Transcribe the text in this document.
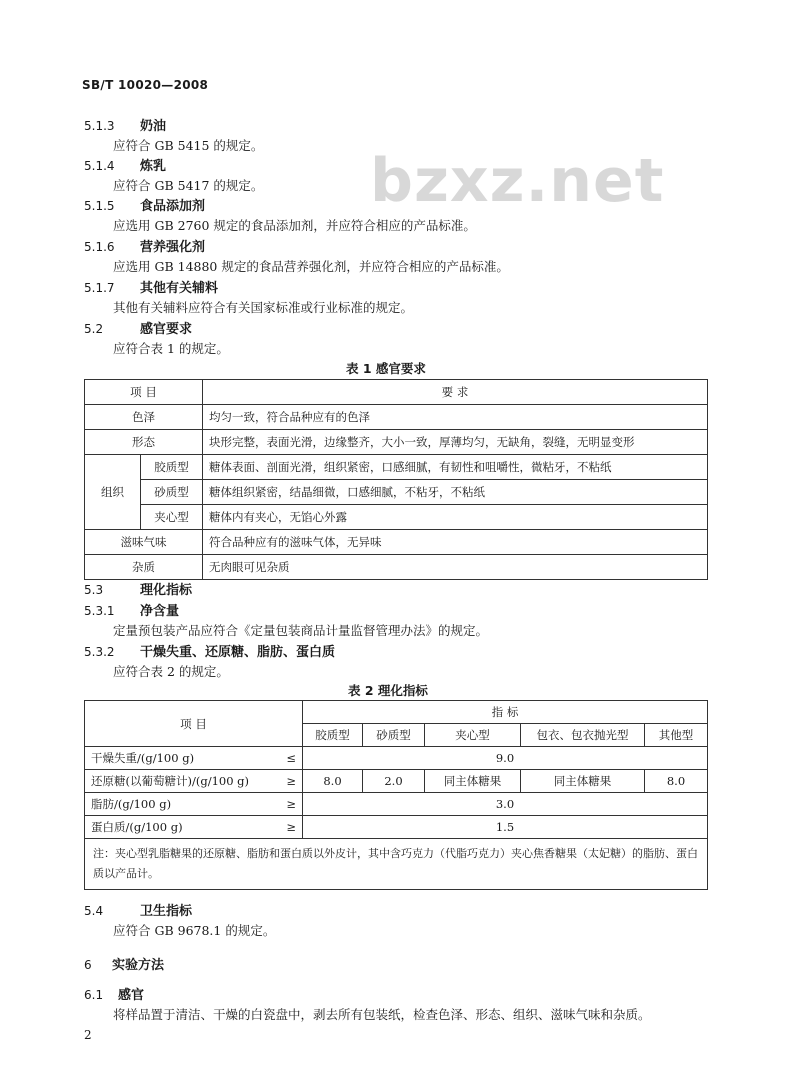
SB/T 10020—2008
bzxz.net
5.1.3 奶油
应符合 GB 5415 的规定。
5.1.4 炼乳
应符合 GB 5417 的规定。
5.1.5 食品添加剂
应选用 GB 2760 规定的食品添加剂，并应符合相应的产品标准。
5.1.6 营养强化剂
应选用 GB 14880 规定的食品营养强化剂，并应符合相应的产品标准。
5.1.7 其他有关辅料
其他有关辅料应符合有关国家标准或行业标准的规定。
5.2	感官要求
应符合表 1 的规定。
表 1 感官要求
项 目		要 求
色泽		均匀一致，符合品种应有的色泽
形态		块形完整，表面光滑，边缘整齐，大小一致，厚薄均匀，无缺角，裂缝，无明显变形
组织	胶质型	糖体表面、剖面光滑，组织紧密，口感细腻，有韧性和咀嚼性，微粘牙，不粘纸
	砂质型	糖体组织紧密，结晶细微，口感细腻，不粘牙，不粘纸
	夹心型	糖体内有夹心，无馅心外露
滋味气味		符合品种应有的滋味气体，无异味
杂质		无肉眼可见杂质
5.3	理化指标
5.3.1 净含量
定量预包装产品应符合《定量包装商品计量监督管理办法》的规定。
5.3.2 干燥失重、还原糖、脂肪、蛋白质
应符合表 2 的规定。
表 2 理化指标
项 目		指 标				
		胶质型	砂质型	夹心型	包衣、包衣抛光型	其他型
干燥失重/(g/100 g)	≤	9.0				
还原糖(以葡萄糖计)/(g/100 g)	≥	8.0	2.0	同主体糖果	同主体糖果	8.0
脂肪/(g/100 g)	≥	3.0				
蛋白质/(g/100 g)	≥	1.5				
注：夹心型乳脂糖果的还原糖、脂肪和蛋白质以外皮计，其中含巧克力（代脂巧克力）夹心焦香糖果（太妃糖）的脂肪、蛋白质以产品计。						
5.4	卫生指标
应符合 GB 9678.1 的规定。
6 实验方法
6.1 感官
将样品置于清洁、干燥的白瓷盘中，剥去所有包装纸，检查色泽、形态、组织、滋味气味和杂质。
2
